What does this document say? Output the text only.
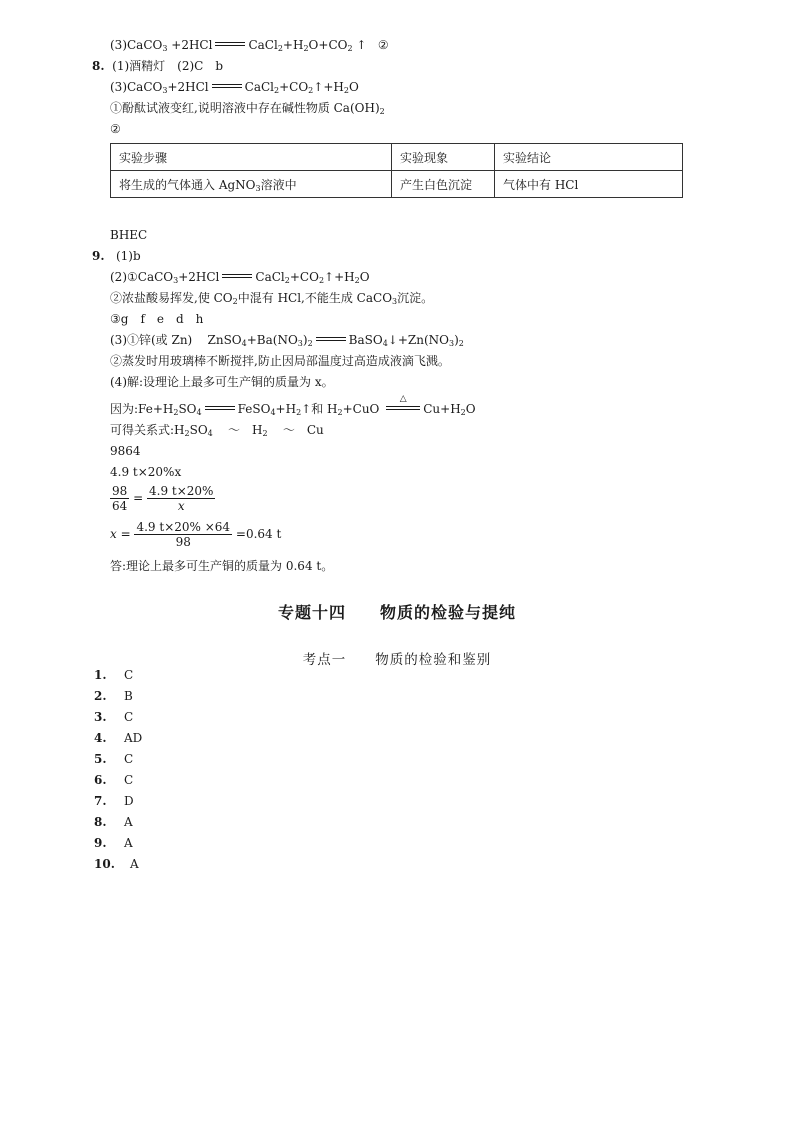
(3)CaCO$_3$ +2HCl	$CaCl_2+H_2O+CO_2$ ↑ ②
8. (1)酒精灯　(2)C　b
(3)CaCO$_3$+2HCl	$CaCl_2+CO_2↑+H_2O$
①酚酞试液变红,说明溶液中存在碱性物质 $Ca(OH)_2$
②
实验步骤	实验现象	实验结论
将生成的气体通入 AgNO$_3$溶液中	产生白色沉淀	气体中有 HCl
BHEC
9. (1)b
(2)①CaCO$_3$+2HCl	$CaCl_2+CO_2↑+H_2O$
②浓盐酸易挥发,使 $CO_2$中混有 HCl,不能生成 CaCO$_3$沉淀。
③g　f　e　d　h
(3)①锌(或 Zn) $ZnSO_4+Ba(NO_3)_2$	$BaSO_4↓+Zn(NO_3)_2$
②蒸发时用玻璃棒不断搅拌,防止因局部温度过高造成液滴飞溅。
(4)解:设理论上最多可生产铜的质量为 x。
因为$:Fe+H_2SO_4$	$FeSO_4+H_2↑$和 $H_2+CuO$
△
$Cu+H_2O$
可得关系式$:H_2SO_4$ ～　$H_2$ ～　Cu
9864
4.9 t×20%x
$\frac{98}{64} = \frac{4.9 t\times 20\%}{x}$
$x = \frac{4.9 t\times 20\% \times 64}{98} =0.64$ t
答:理论上最多可生产铜的质量为 0.64 t。
专题十四　　物质的检验与提纯
考点一　　物质的检验和鉴别
1. C
2. B
3. C
4. AD
5. C
6. C
7. D
8. A
9. A
10. A
